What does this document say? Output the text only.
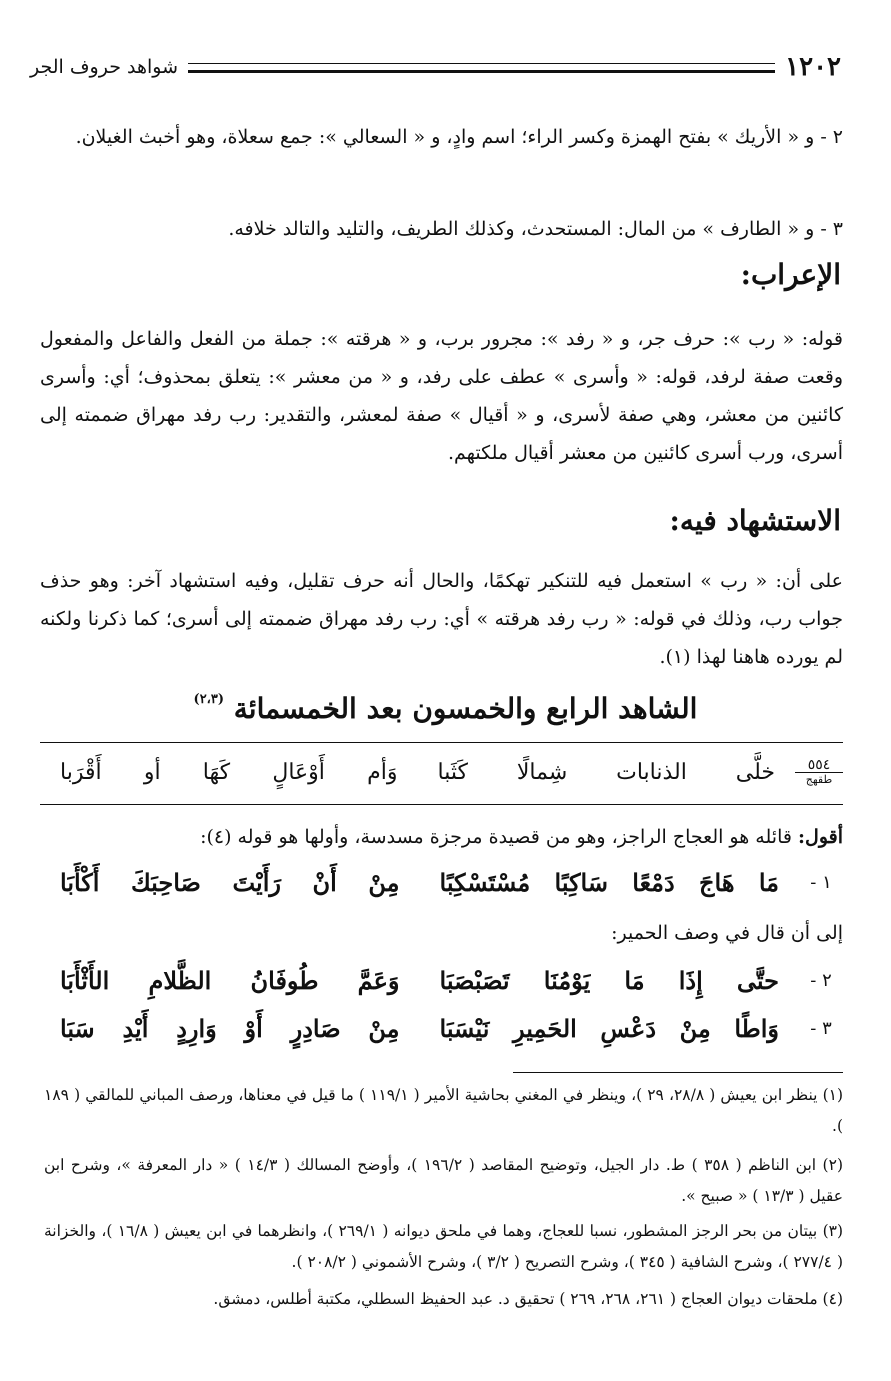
١٢٠٢
شواهد حروف الجر
٢ - و « الأريك » بفتح الهمزة وكسر الراء؛ اسم وادٍ، و « السعالي »: جمع سعلاة، وهو أخبث الغيلان.
٣ - و « الطارف » من المال: المستحدث، وكذلك الطريف، والتليد والتالد خلافه.
الإعراب:
قوله: « رب »: حرف جر، و « رفد »: مجرور برب، و « هرقته »: جملة من الفعل والفاعل والمفعول وقعت صفة لرفد، قوله: « وأسرى » عطف على رفد، و « من معشر »: يتعلق بمحذوف؛ أي: وأسرى كائنين من معشر، وهي صفة لأسرى، و « أقيال » صفة لمعشر، والتقدير: رب رفد مهراق ضممته إلى أسرى، ورب أسرى كائنين من معشر أقيال ملكتهم.
الاستشهاد فيه:
على أن: « رب » استعمل فيه للتنكير تهكمًا، والحال أنه حرف تقليل، وفيه استشهاد آخر: وهو حذف جواب رب، وذلك في قوله: « رب رفد هرقته » أي: رب رفد مهراق ضممته إلى أسرى؛ كما ذكرنا ولكنه لم يورده هاهنا لهذا (١).
الشاهد الرابع والخمسون بعد الخمسمائة $^{(٢،٣)}$
٥٥٤
طقهج
خلَّى الذنابات شِمالًا كَثَبا
وَأم أَوْعَالٍ كَهَا أو أَقْرَبا
أقول: قائله هو العجاج الراجز، وهو من قصيدة مرجزة مسدسة، وأولها هو قوله (٤):
١ -
مَا هَاجَ دَمْعًا سَاكِبًا مُسْتَسْكِبًا
مِنْ أَنْ رَأَيْتَ صَاحِبَكَ أَكْأَبَا
إلى أن قال في وصف الحمير:
٢ -
حتَّى إِذَا مَا يَوْمُنَا تَصَبْصَبَا
وَعَمَّ طُوفَانُ الظَّلامِ الأَثْأَبَا
٣ -
وَاطًا مِنْ دَعْسِ الحَمِيرِ نَيْسَبَا
مِنْ صَادِرٍ أَوْ وَارِدٍ أَيْدِ سَبَا
(١) ينظر ابن يعيش ( ٢٨/٨، ٢٩ )، وينظر في المغني بحاشية الأمير ( ١١٩/١ ) ما قيل في معناها، ورصف المباني للمالقي ( ١٨٩ ).
(٢) ابن الناظم ( ٣٥٨ ) ط. دار الجيل، وتوضيح المقاصد ( ١٩٦/٢ )، وأوضح المسالك ( ١٤/٣ ) « دار المعرفة »، وشرح ابن عقيل ( ١٣/٣ ) « صبيح ».
(٣) بيتان من بحر الرجز المشطور، نسبا للعجاج، وهما في ملحق ديوانه ( ٢٦٩/١ )، وانظرهما في ابن يعيش ( ١٦/٨ )، والخزانة ( ٢٧٧/٤ )، وشرح الشافية ( ٣٤٥ )، وشرح التصريح ( ٣/٢ )، وشرح الأشموني ( ٢٠٨/٢ ).
(٤) ملحقات ديوان العجاج ( ٢٦١، ٢٦٨، ٢٦٩ ) تحقيق د. عبد الحفيظ السطلي، مكتبة أطلس، دمشق.
